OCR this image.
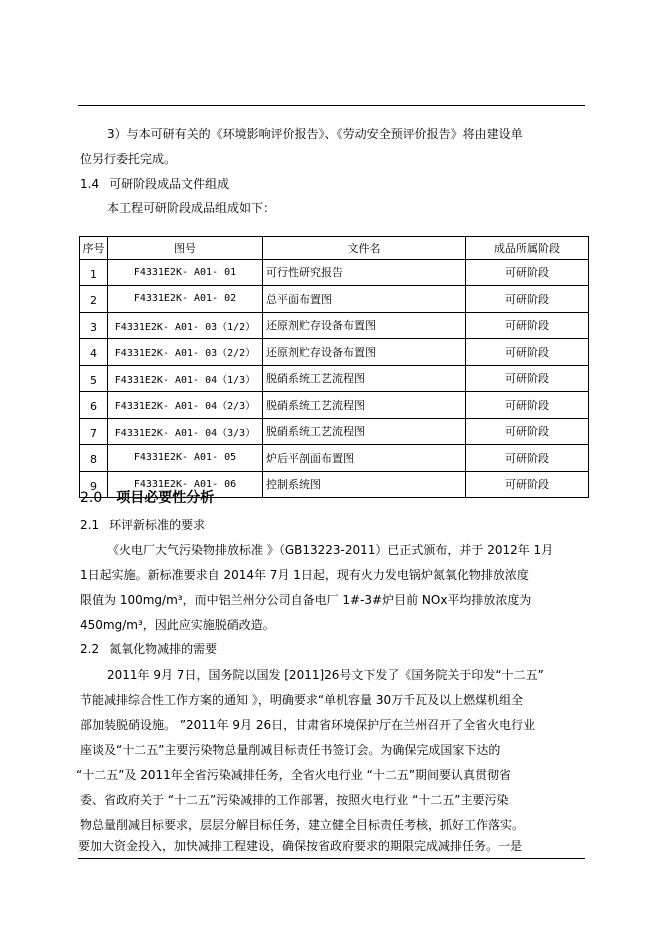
3）与本可研有关的《环境影响评价报告》、《劳动安全预评价报告》将由建设单
位另行委托完成。
1.4 可研阶段成品文件组成
本工程可研阶段成品组成如下：
序号	图号	文件名	成品所属阶段
1	F4331E2K- A01- 01	可行性研究报告	可研阶段
2	F4331E2K- A01- 02	总平面布置图	可研阶段
3	F4331E2K- A01- 03（1/2）	还原剂贮存设备布置图	可研阶段
4	F4331E2K- A01- 03（2/2）	还原剂贮存设备布置图	可研阶段
5	F4331E2K- A01- 04（1/3）	脱硝系统工艺流程图	可研阶段
6	F4331E2K- A01- 04（2/3）	脱硝系统工艺流程图	可研阶段
7	F4331E2K- A01- 04（3/3）	脱硝系统工艺流程图	可研阶段
8	F4331E2K- A01- 05	炉后平剖面布置图	可研阶段
9	F4331E2K- A01- 06	控制系统图	可研阶段
2.0 项目必要性分析
2.1 环评新标准的要求
《火电厂大气污染物排放标准 》（GB13223-2011）已正式颁布，并于 2012年 1月
1日起实施。新标准要求自 2014年 7月 1日起，现有火力发电锅炉氮氧化物排放浓度
限值为 100mg/m³，而中铝兰州分公司自备电厂 1#-3#炉目前 NOx平均排放浓度为
450mg/m³，因此应实施脱硝改造。
2.2 氮氧化物减排的需要
2011年 9月 7日，国务院以国发 [2011]26号文下发了《国务院关于印发“十二五”
节能减排综合性工作方案的通知 》，明确要求“单机容量 30万千瓦及以上燃煤机组全
部加装脱硝设施。 ”2011年 9月 26日，甘肃省环境保护厅在兰州召开了全省火电行业
座谈及“十二五”主要污染物总量削减目标责任书签订会。为确保完成国家下达的
“十二五”及 2011年全省污染减排任务，全省火电行业 “十二五”期间要认真贯彻省
委、省政府关于 “十二五”污染减排的工作部署，按照火电行业 “十二五”主要污染
物总量削减目标要求，层层分解目标任务，建立健全目标责任考核，抓好工作落实。
要加大资金投入，加快减排工程建设，确保按省政府要求的期限完成减排任务。一是
